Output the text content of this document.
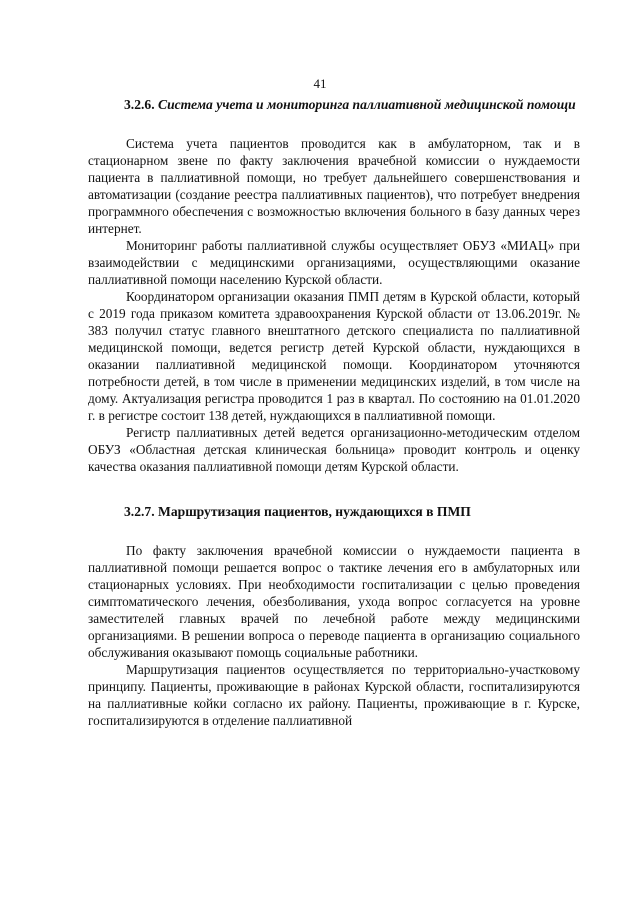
41
3.2.6. Система учета и мониторинга паллиативной медицинской помощи

Система учета пациентов проводится как в амбулаторном, так и в стационарном звене по факту заключения врачебной комиссии о нуждаемости пациента в паллиативной помощи, но требует дальнейшего совершенствования и автоматизации (создание реестра паллиативных пациентов), что потребует внедрения программного обеспечения с возможностью включения больного в базу данных через интернет.

Мониторинг работы паллиативной службы осуществляет ОБУЗ «МИАЦ» при взаимодействии с медицинскими организациями, осуществляющими оказание паллиативной помощи населению Курской области.

Координатором организации оказания ПМП детям в Курской области, который с 2019 года приказом комитета здравоохранения Курской области от 13.06.2019г. № 383 получил статус главного внештатного детского специалиста по паллиативной медицинской помощи, ведется регистр детей Курской области, нуждающихся в оказании паллиативной медицинской помощи. Координатором уточняются потребности детей, в том числе в применении медицинских изделий, в том числе на дому. Актуализация регистра проводится 1 раз в квартал. По состоянию на 01.01.2020 г. в регистре состоит 138 детей, нуждающихся в паллиативной помощи.

Регистр паллиативных детей ведется организационно-методическим отделом ОБУЗ «Областная детская клиническая больница» проводит контроль и оценку качества оказания паллиативной помощи детям Курской области.

3.2.7. Маршрутизация пациентов, нуждающихся в ПМП

По факту заключения врачебной комиссии о нуждаемости пациента в паллиативной помощи решается вопрос о тактике лечения его в амбулаторных или стационарных условиях. При необходимости госпитализации с целью проведения симптоматического лечения, обезболивания, ухода вопрос согласуется на уровне заместителей главных врачей по лечебной работе между медицинскими организациями. В решении вопроса о переводе пациента в организацию социального обслуживания оказывают помощь социальные работники.

Маршрутизация пациентов осуществляется по территориально-участковому принципу. Пациенты, проживающие в районах Курской области, госпитализируются на паллиативные койки согласно их району. Пациенты, проживающие в г. Курске, госпитализируются в отделение паллиативной
